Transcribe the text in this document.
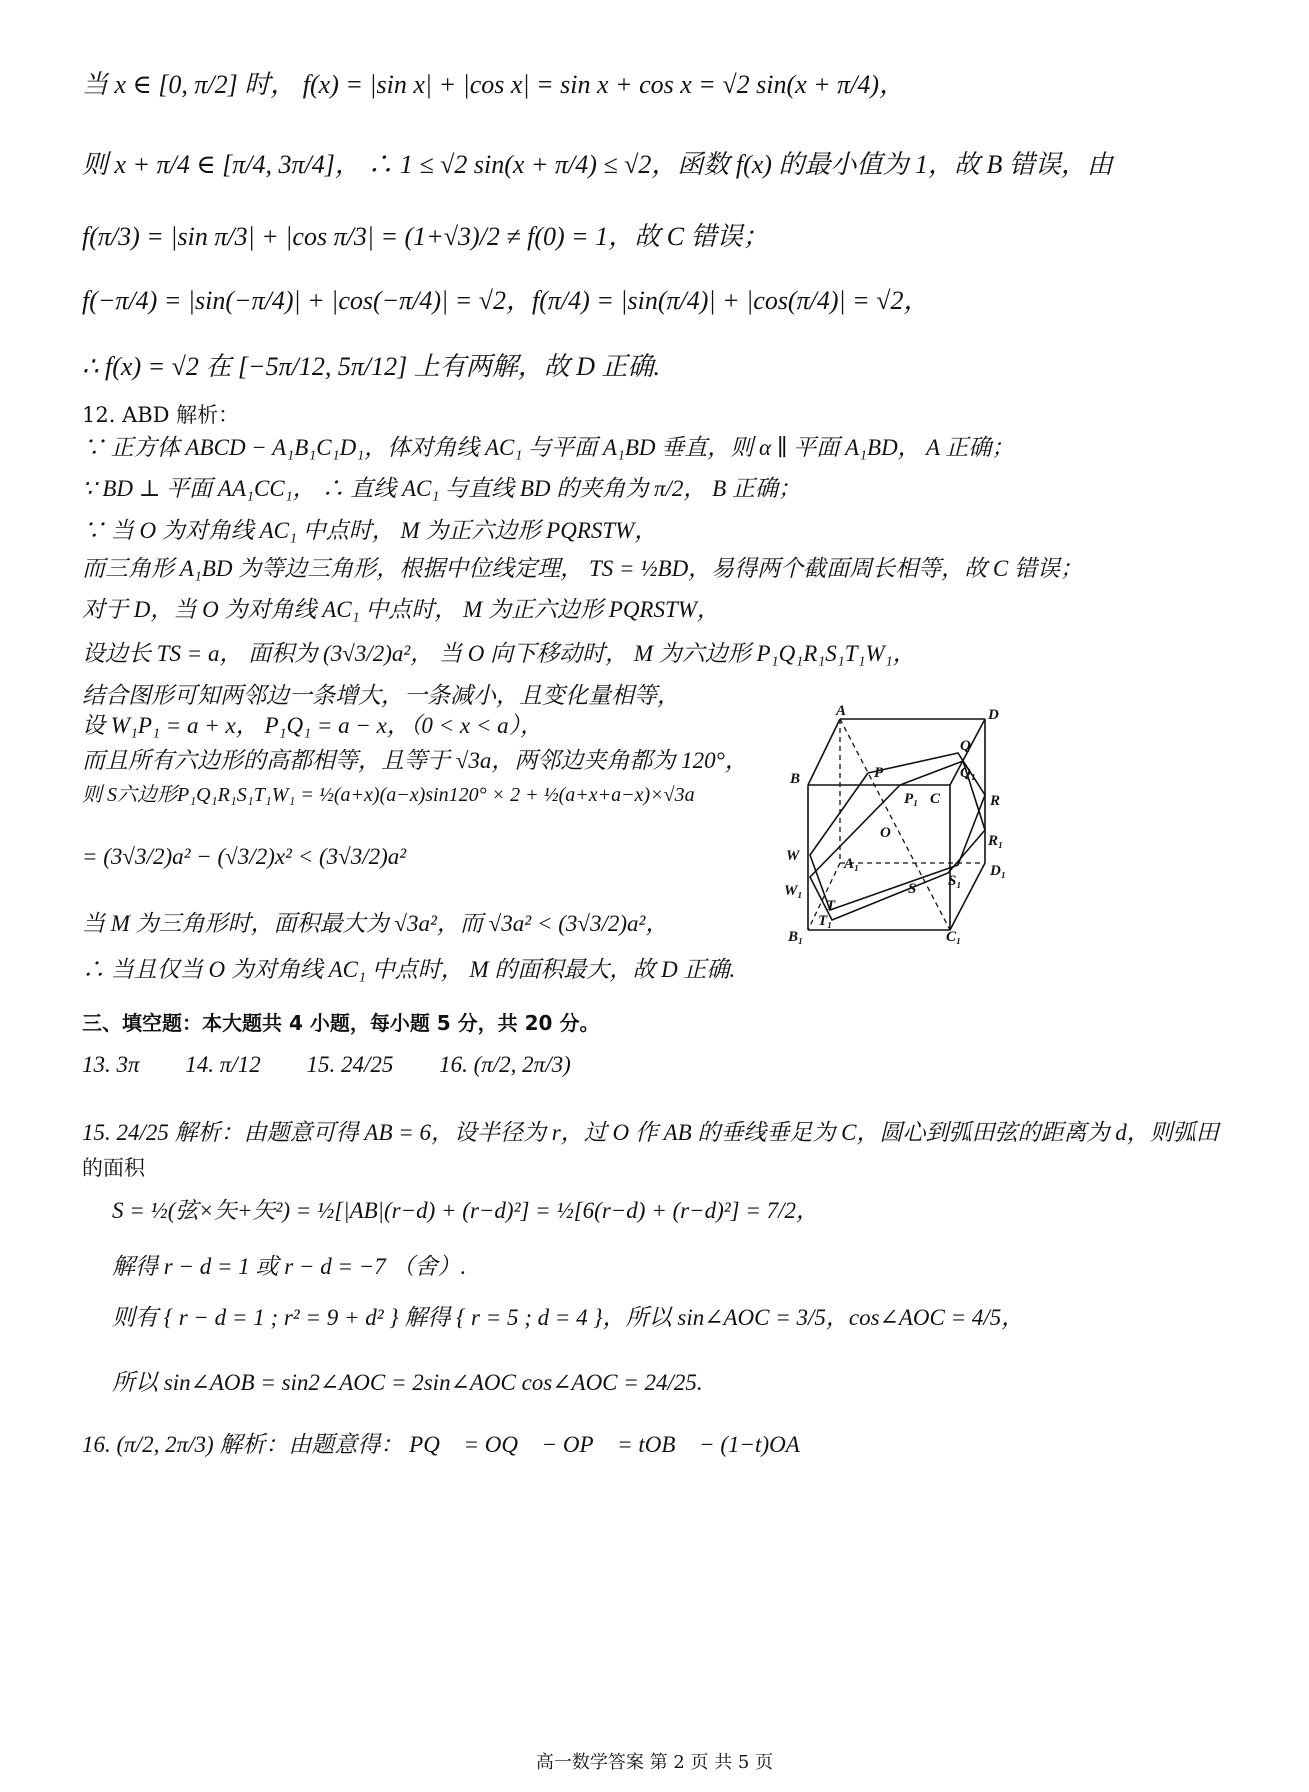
当 x ∈ [0, π/2] 时， f(x) = |sin x| + |cos x| = sin x + cos x = √2 sin(x + π/4)，
则 x + π/4 ∈ [π/4, 3π/4]， ∴ 1 ≤ √2 sin(x + π/4) ≤ √2，函数 f(x) 的最小值为 1，故 B 错误，由
f(π/3) = |sin π/3| + |cos π/3| = (1+√3)/2 ≠ f(0) = 1，故 C 错误；
f(−π/4) = |sin(−π/4)| + |cos(−π/4)| = √2，f(π/4) = |sin(π/4)| + |cos(π/4)| = √2，
∴ f(x) = √2 在 [−5π/12, 5π/12] 上有两解，故 D 正确.
12. ABD 解析：
∵ 正方体 ABCD − A₁B₁C₁D₁，体对角线 AC₁ 与平面 A₁BD 垂直，则 α ∥ 平面 A₁BD， A 正确；
∵ BD ⊥ 平面 AA₁CC₁， ∴ 直线 AC₁ 与直线 BD 的夹角为 π/2， B 正确；
∵ 当 O 为对角线 AC₁ 中点时， M 为正六边形 PQRSTW，
而三角形 A₁BD 为等边三角形，根据中位线定理， TS = ½BD，易得两个截面周长相等，故 C 错误；
对于 D，当 O 为对角线 AC₁ 中点时， M 为正六边形 PQRSTW，
设边长 TS = a， 面积为 (3√3/2)a²， 当 O 向下移动时， M 为六边形 P₁Q₁R₁S₁T₁W₁，
结合图形可知两邻边一条增大，一条减小，且变化量相等，
设 W₁P₁ = a + x， P₁Q₁ = a − x，（0 < x < a），
而且所有六边形的高都相等，且等于 √3a，两邻边夹角都为 120°，
则 S六边形P₁Q₁R₁S₁T₁W₁ = ½(a+x)(a−x)sin120° × 2 + ½(a+x+a−x)×√3a
= (3√3/2)a² − (√3/2)x² < (3√3/2)a²
当 M 为三角形时，面积最大为 √3a²，而 √3a² < (3√3/2)a²，
∴ 当且仅当 O 为对角线 AC₁ 中点时， M 的面积最大，故 D 正确.
A	D
B
C
P
Q
Q₁
P₁	R
R₁
O
W
W₁
A₁
S S₁
D₁
T
T₁
B₁	C₁
三、填空题：本大题共 4 小题，每小题 5 分，共 20 分。
13. 3π 14. π/12 15. 24/25 16. (π/2, 2π/3)
15. 24/25 解析：由题意可得 AB = 6，设半径为 r，过 O 作 AB 的垂线垂足为 C，圆心到弧田弦的距离为 d，则弧田
的面积
S = ½(弦×矢+矢²) = ½[|AB|(r−d) + (r−d)²] = ½[6(r−d) + (r−d)²] = 7/2，
解得 r − d = 1 或 r − d = −7 （舍）.
则有 { r − d = 1 ; r² = 9 + d² } 解得 { r = 5 ; d = 4 }，所以 sin∠AOC = 3/5，cos∠AOC = 4/5，
所以 sin∠AOB = sin2∠AOC = 2sin∠AOC cos∠AOC = 24/25.
16. (π/2, 2π/3) 解析：由题意得： PQ⃗ = OQ⃗ − OP⃗ = tOB⃗ − (1−t)OA⃗，
高一数学答案 第 2 页 共 5 页
